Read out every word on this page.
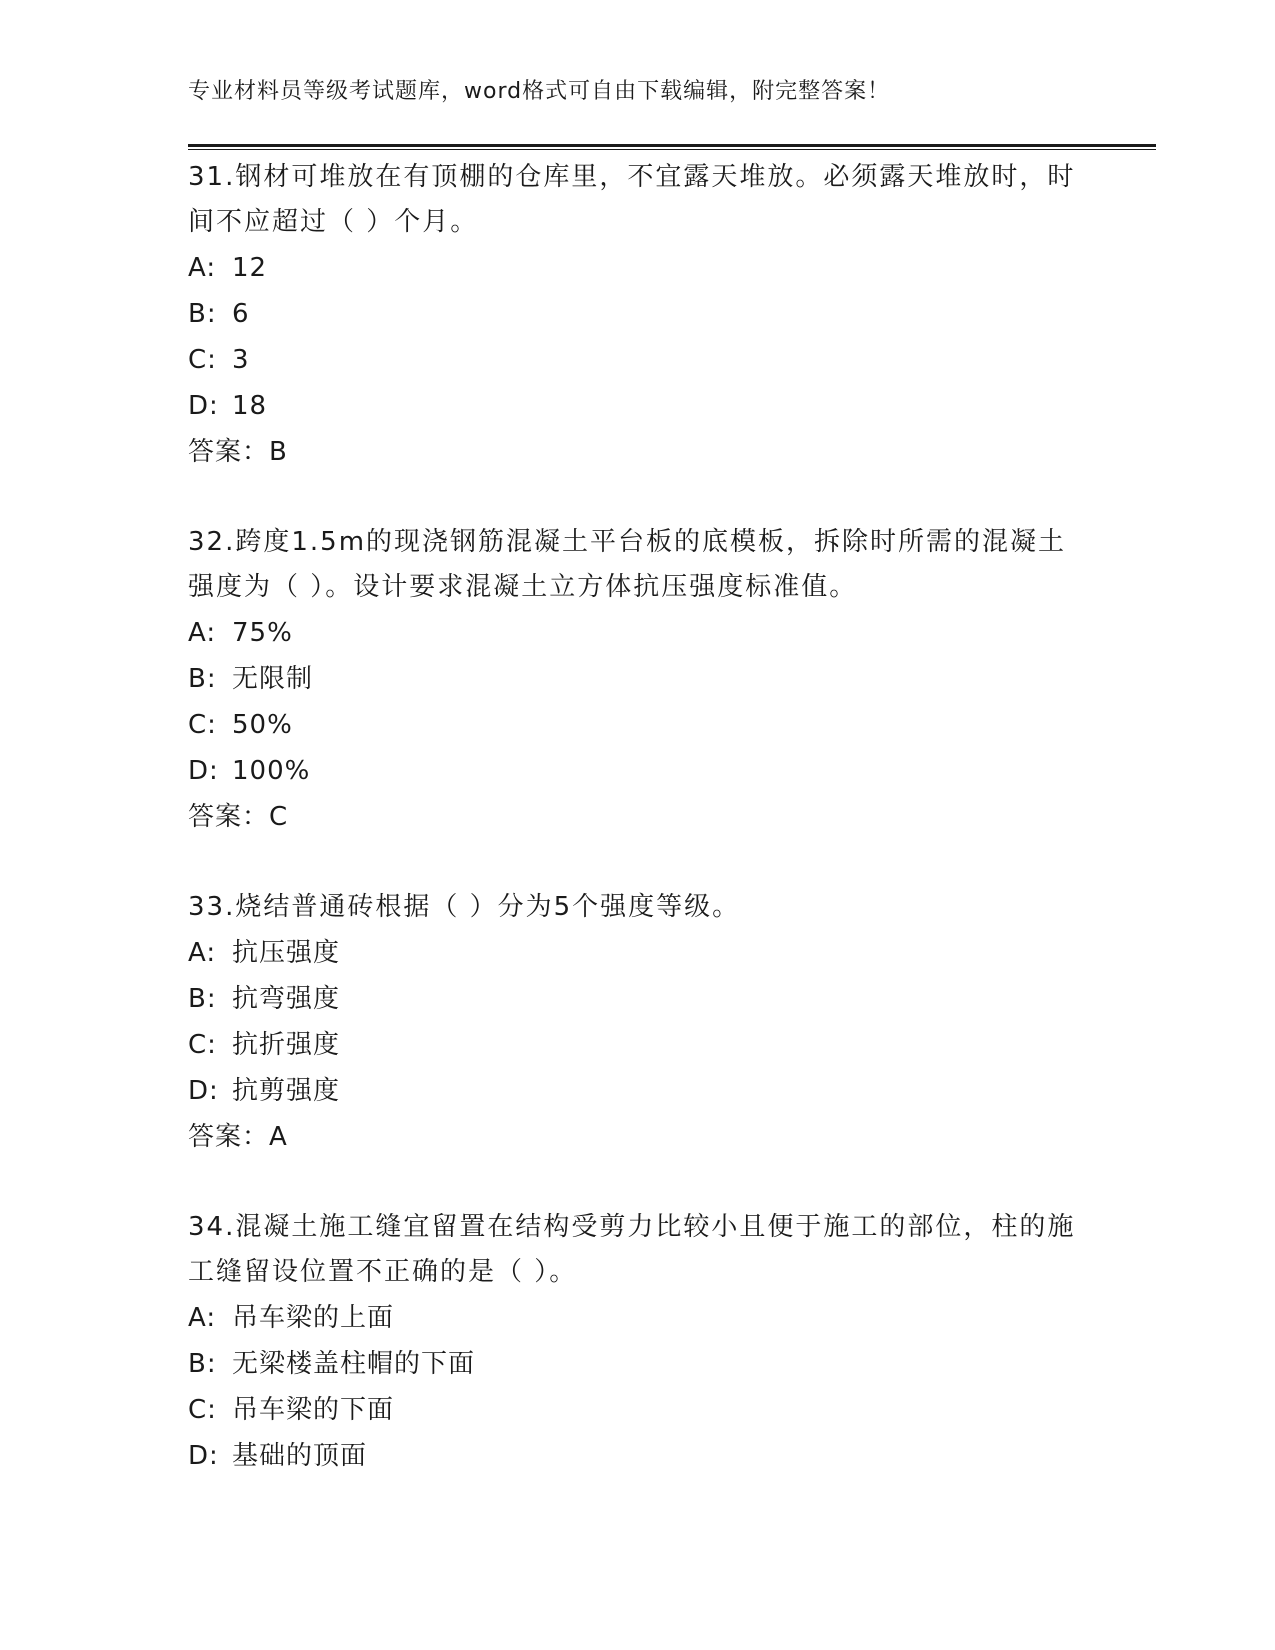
专业材料员等级考试题库，word格式可自由下载编辑，附完整答案！

31.钢材可堆放在有顶棚的仓库里，不宜露天堆放。必须露天堆放时，时间不应超过（ ）个月。

A: 12

B: 6

C: 3

D: 18

答案：B

32.跨度1.5m的现浇钢筋混凝土平台板的底模板，拆除时所需的混凝土强度为（ ）。设计要求混凝土立方体抗压强度标准值。

A: 75%

B: 无限制

C: 50%

D: 100%

答案：C

33.烧结普通砖根据（ ）分为5个强度等级。

A: 抗压强度

B: 抗弯强度

C: 抗折强度

D: 抗剪强度

答案：A

34.混凝土施工缝宜留置在结构受剪力比较小且便于施工的部位，柱的施工缝留设位置不正确的是（ ）。

A: 吊车梁的上面

B: 无梁楼盖柱帽的下面

C: 吊车梁的下面

D: 基础的顶面
